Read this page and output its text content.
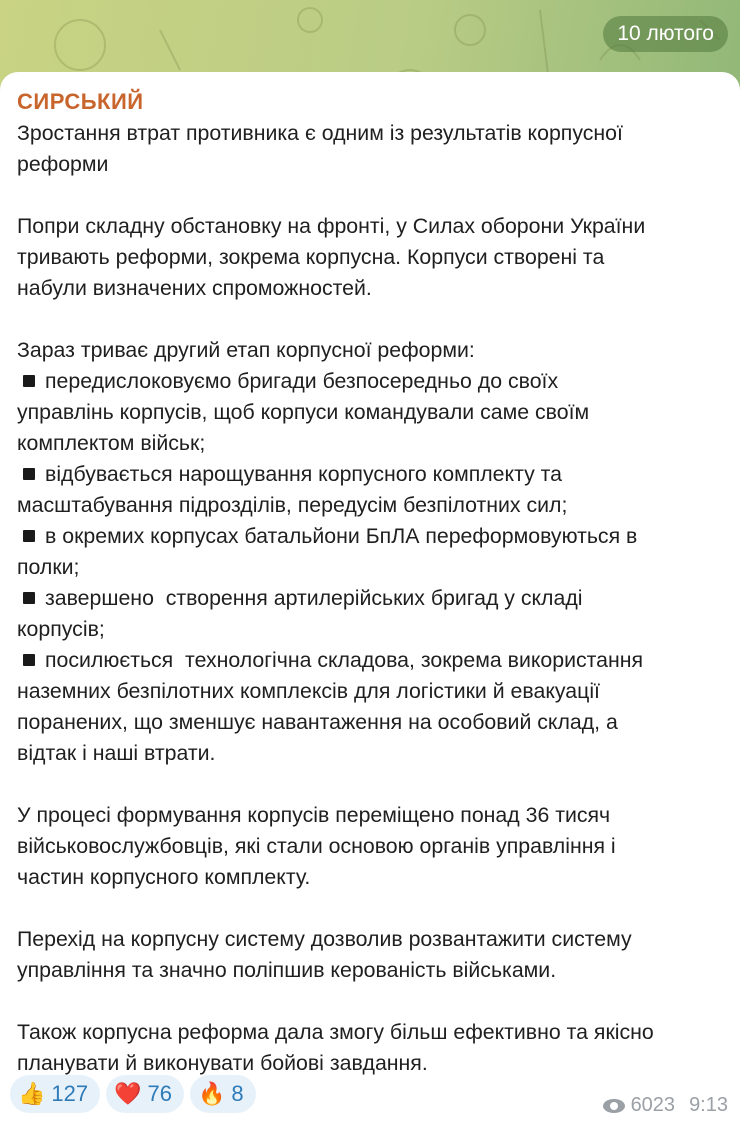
10 лютого
СИРСЬКИЙ
Зростання втрат противника є одним із результатів корпусної
реформи
Попри складну обстановку на фронті, у Силах оборони України
тривають реформи, зокрема корпусна. Корпуси створені та
набули визначених спроможностей.
Зараз триває другий етап корпусної реформи:
передислоковуємо бригади безпосередньо до своїх
управлінь корпусів, щоб корпуси командували саме своїм
комплектом військ;
відбувається нарощування корпусного комплекту та
масштабування підрозділів, передусім безпілотних сил;
в окремих корпусах батальйони БпЛА переформовуються в
полки;
завершено  створення артилерійських бригад у складі
корпусів;
посилюється  технологічна складова, зокрема використання
наземних безпілотних комплексів для логістики й евакуації
поранених, що зменшує навантаження на особовий склад, а
відтак і наші втрати.
У процесі формування корпусів переміщено понад 36 тисяч
військовослужбовців, які стали основою органів управління і
частин корпусного комплекту.
Перехід на корпусну систему дозволив розвантажити систему
управління та значно поліпшив керованість військами.
Також корпусна реформа дала змогу більш ефективно та якісно
планувати й виконувати бойові завдання.
👍 127 ❤️ 76 🔥 8	6023 9:13
